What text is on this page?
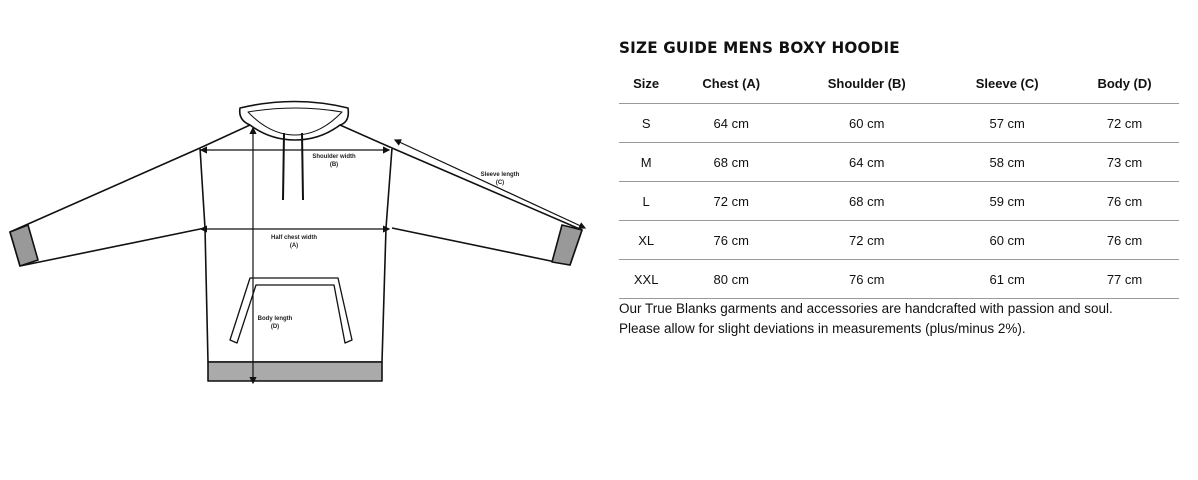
Shoulder width
(B)
Sleeve length
(C)
Half chest width
(A)
Body length
(D)
SIZE GUIDE MENS BOXY HOODIE
Size	Chest (A)	Shoulder (B)	Sleeve (C)	Body (D)
S	64 cm	60 cm	57 cm	72 cm
M	68 cm	64 cm	58 cm	73 cm
L	72 cm	68 cm	59 cm	76 cm
XL	76 cm	72 cm	60 cm	76 cm
XXL	80 cm	76 cm	61 cm	77 cm
Our True Blanks garments and accessories are handcrafted with passion and soul.
Please allow for slight deviations in measurements (plus/minus 2%).
